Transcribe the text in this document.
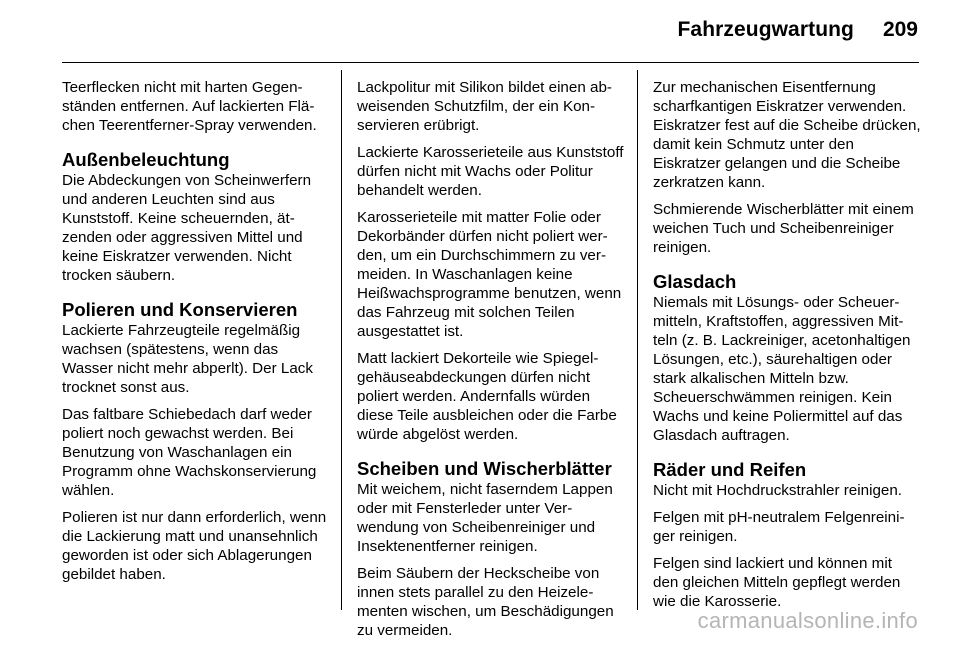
Fahrzeugwartung 209
Teerflecken nicht mit harten Gegenständen entfernen. Auf lackierten Flächen Teerentferner-Spray verwenden.
Außenbeleuchtung
Die Abdeckungen von Scheinwerfern und anderen Leuchten sind aus Kunststoff. Keine scheuernden, ätzenden oder aggressiven Mittel und keine Eiskratzer verwenden. Nicht trocken säubern.
Polieren und Konservieren
Lackierte Fahrzeugteile regelmäßig wachsen (spätestens, wenn das Wasser nicht mehr abperlt). Der Lack trocknet sonst aus.
Das faltbare Schiebedach darf weder poliert noch gewachst werden. Bei Benutzung von Waschanlagen ein Programm ohne Wachskonservierung wählen.
Polieren ist nur dann erforderlich, wenn die Lackierung matt und unansehnlich geworden ist oder sich Ablagerungen gebildet haben.
Lackpolitur mit Silikon bildet einen abweisenden Schutzfilm, der ein Konservieren erübrigt.
Lackierte Karosserieteile aus Kunststoff dürfen nicht mit Wachs oder Politur behandelt werden.
Karosserieteile mit matter Folie oder Dekorbänder dürfen nicht poliert werden, um ein Durchschimmern zu vermeiden. In Waschanlagen keine Heißwachsprogramme benutzen, wenn das Fahrzeug mit solchen Teilen ausgestattet ist.
Matt lackiert Dekorteile wie Spiegelgehäuseabdeckungen dürfen nicht poliert werden. Andernfalls würden diese Teile ausbleichen oder die Farbe würde abgelöst werden.
Scheiben und Wischerblätter
Mit weichem, nicht faserndem Lappen oder mit Fensterleder unter Verwendung von Scheibenreiniger und Insektenentferner reinigen.
Beim Säubern der Heckscheibe von innen stets parallel zu den Heizelementen wischen, um Beschädigungen zu vermeiden.
Zur mechanischen Eisentfernung scharfkantigen Eiskratzer verwenden. Eiskratzer fest auf die Scheibe drücken, damit kein Schmutz unter den Eiskratzer gelangen und die Scheibe zerkratzen kann.
Schmierende Wischerblätter mit einem weichen Tuch und Scheibenreiniger reinigen.
Glasdach
Niemals mit Lösungs- oder Scheuermitteln, Kraftstoffen, aggressiven Mitteln (z. B. Lackreiniger, acetonhaltigen Lösungen, etc.), säurehaltigen oder stark alkalischen Mitteln bzw. Scheuerschwämmen reinigen. Kein Wachs und keine Poliermittel auf das Glasdach auftragen.
Räder und Reifen
Nicht mit Hochdruckstrahler reinigen.
Felgen mit pH-neutralem Felgenreiniger reinigen.
Felgen sind lackiert und können mit den gleichen Mitteln gepflegt werden wie die Karosserie.
carmanualsonline.info
